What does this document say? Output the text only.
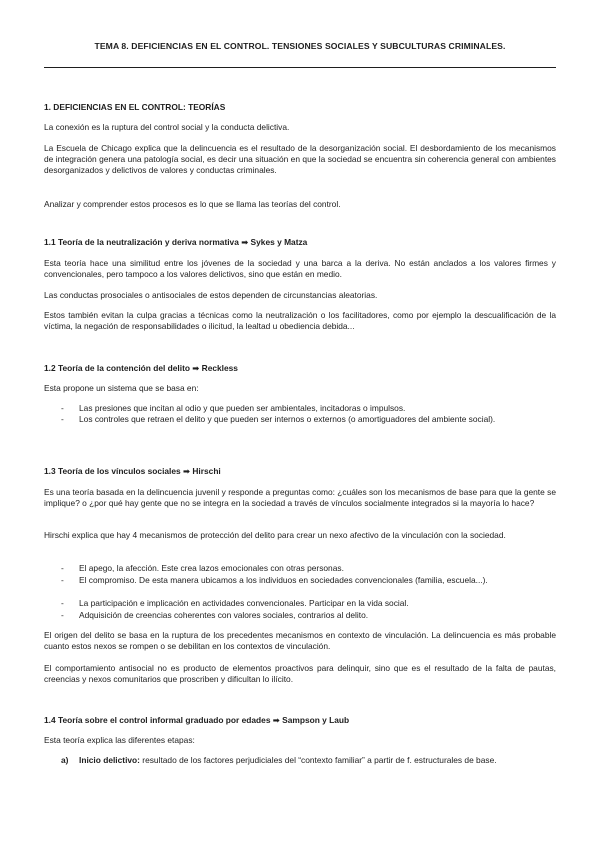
TEMA 8. DEFICIENCIAS EN EL CONTROL. TENSIONES SOCIALES Y SUBCULTURAS CRIMINALES.
1. DEFICIENCIAS EN EL CONTROL: TEORÍAS
La conexión es la ruptura del control social y la conducta delictiva.
La Escuela de Chicago explica que la delincuencia es el resultado de la desorganización social. El desbordamiento de los mecanismos de integración genera una patología social, es decir una situación en que la sociedad se encuentra sin coherencia general con ambientes desorganizados y delictivos de valores y conductas criminales.
Analizar y comprender estos procesos es lo que se llama las teorías del control.
1.1 Teoría de la neutralización y deriva normativa ➡ Sykes y Matza
Esta teoría hace una similitud entre los jóvenes de la sociedad y una barca a la deriva. No están anclados a los valores firmes y convencionales, pero tampoco a los valores delictivos, sino que están en medio.
Las conductas prosociales o antisociales de estos dependen de circunstancias aleatorias.
Estos también evitan la culpa gracias a técnicas como la neutralización o los facilitadores, como por ejemplo la descualificación de la víctima, la negación de responsabilidades o ilicitud, la lealtad u obediencia debida...
1.2 Teoría de la contención del delito ➡ Reckless
Esta propone un sistema que se basa en:
- Las presiones que incitan al odio y que pueden ser ambientales, incitadoras o impulsos.
- Los controles que retraen el delito y que pueden ser internos o externos (o amortiguadores del ambiente social).
1.3 Teoría de los vínculos sociales ➡ Hirschi
Es una teoría basada en la delincuencia juvenil y responde a preguntas como: ¿cuáles son los mecanismos de base para que la gente se implique? o ¿por qué hay gente que no se integra en la sociedad a través de vínculos socialmente integrados si la mayoría lo hace?
Hirschi explica que hay 4 mecanismos de protección del delito para crear un nexo afectivo de la vinculación con la sociedad.
- El apego, la afección. Este crea lazos emocionales con otras personas.
- El compromiso. De esta manera ubicamos a los individuos en sociedades convencionales (familia, escuela...).
- La participación e implicación en actividades convencionales. Participar en la vida social.
- Adquisición de creencias coherentes con valores sociales, contrarios al delito.
El origen del delito se basa en la ruptura de los precedentes mecanismos en contexto de vinculación. La delincuencia es más probable cuanto estos nexos se rompen o se debilitan en los contextos de vinculación.
El comportamiento antisocial no es producto de elementos proactivos para delinquir, sino que es el resultado de la falta de pautas, creencias y nexos comunitarios que proscriben y dificultan lo ilícito.
1.4 Teoría sobre el control informal graduado por edades ➡ Sampson y Laub
Esta teoría explica las diferentes etapas:
a) Inicio delictivo: resultado de los factores perjudiciales del “contexto familiar” a partir de f. estructurales de base.
